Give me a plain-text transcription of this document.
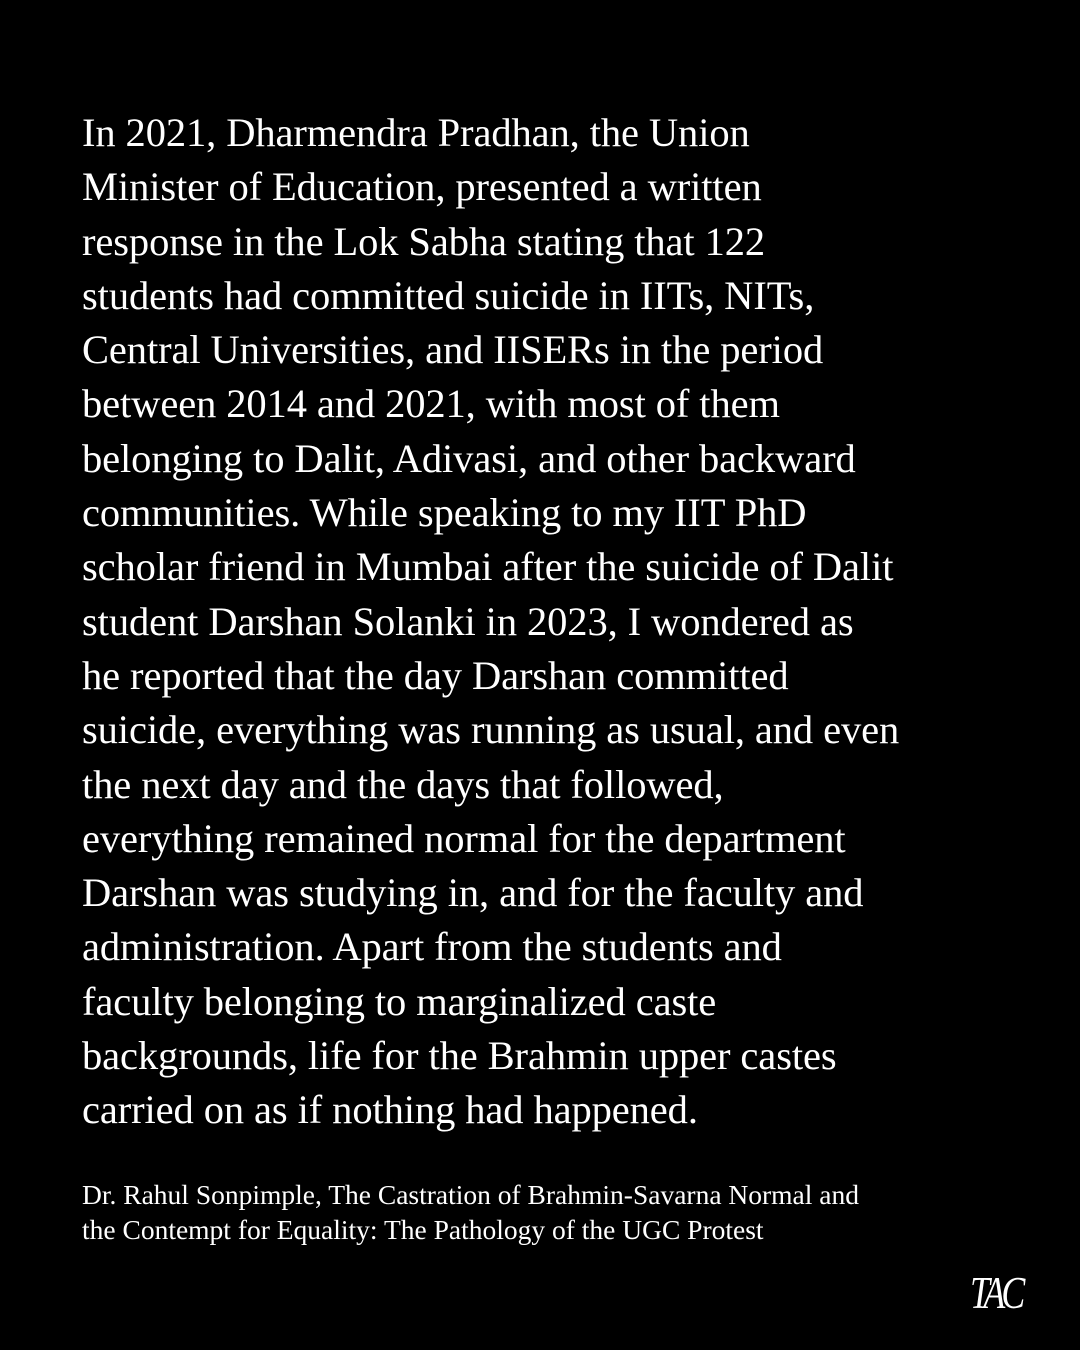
In 2021, Dharmendra Pradhan, the Union
Minister of Education, presented a written
response in the Lok Sabha stating that 122
students had committed suicide in IITs, NITs,
Central Universities, and IISERs in the period
between 2014 and 2021, with most of them
belonging to Dalit, Adivasi, and other backward
communities. While speaking to my IIT PhD
scholar friend in Mumbai after the suicide of Dalit
student Darshan Solanki in 2023, I wondered as
he reported that the day Darshan committed
suicide, everything was running as usual, and even
the next day and the days that followed,
everything remained normal for the department
Darshan was studying in, and for the faculty and
administration. Apart from the students and
faculty belonging to marginalized caste
backgrounds, life for the Brahmin upper castes
carried on as if nothing had happened.

Dr. Rahul Sonpimple, The Castration of Brahmin-Savarna Normal and
the Contempt for Equality: The Pathology of the UGC Protest

TAC
